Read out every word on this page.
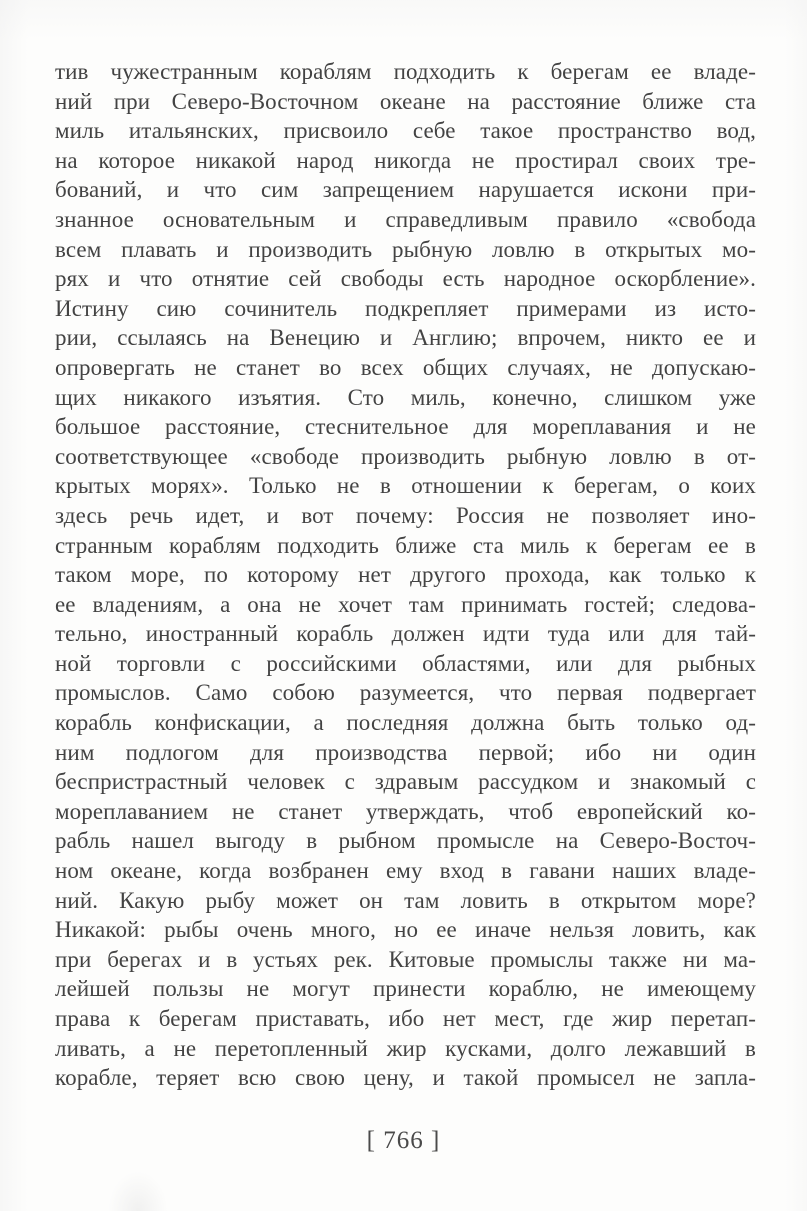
тив чужестранным кораблям подходить к берегам ее владе-
ний при Северо-Восточном океане на расстояние ближе ста
миль итальянских, присвоило себе такое пространство вод,
на которое никакой народ никогда не простирал своих тре-
бований, и что сим запрещением нарушается искони при-
знанное основательным и справедливым правило «свобода
всем плавать и производить рыбную ловлю в открытых мо-
рях и что отнятие сей свободы есть народное оскорбление».
Истину сию сочинитель подкрепляет примерами из исто-
рии, ссылаясь на Венецию и Англию; впрочем, никто ее и
опровергать не станет во всех общих случаях, не допускаю-
щих никакого изъятия. Сто миль, конечно, слишком уже
большое расстояние, стеснительное для мореплавания и не
соответствующее «свободе производить рыбную ловлю в от-
крытых морях». Только не в отношении к берегам, о коих
здесь речь идет, и вот почему: Россия не позволяет ино-
странным кораблям подходить ближе ста миль к берегам ее в
таком море, по которому нет другого прохода, как только к
ее владениям, а она не хочет там принимать гостей; следова-
тельно, иностранный корабль должен идти туда или для тай-
ной торговли с российскими областями, или для рыбных
промыслов. Само собою разумеется, что первая подвергает
корабль конфискации, а последняя должна быть только од-
ним подлогом для производства первой; ибо ни один
беспристрастный человек с здравым рассудком и знакомый с
мореплаванием не станет утверждать, чтоб европейский ко-
рабль нашел выгоду в рыбном промысле на Северо-Восточ-
ном океане, когда возбранен ему вход в гавани наших владе-
ний. Какую рыбу может он там ловить в открытом море?
Никакой: рыбы очень много, но ее иначе нельзя ловить, как
при берегах и в устьях рек. Китовые промыслы также ни ма-
лейшей пользы не могут принести кораблю, не имеющему
права к берегам приставать, ибо нет мест, где жир перетап-
ливать, а не перетопленный жир кусками, долго лежавший в
корабле, теряет всю свою цену, и такой промысел не запла-
[ 766 ]
